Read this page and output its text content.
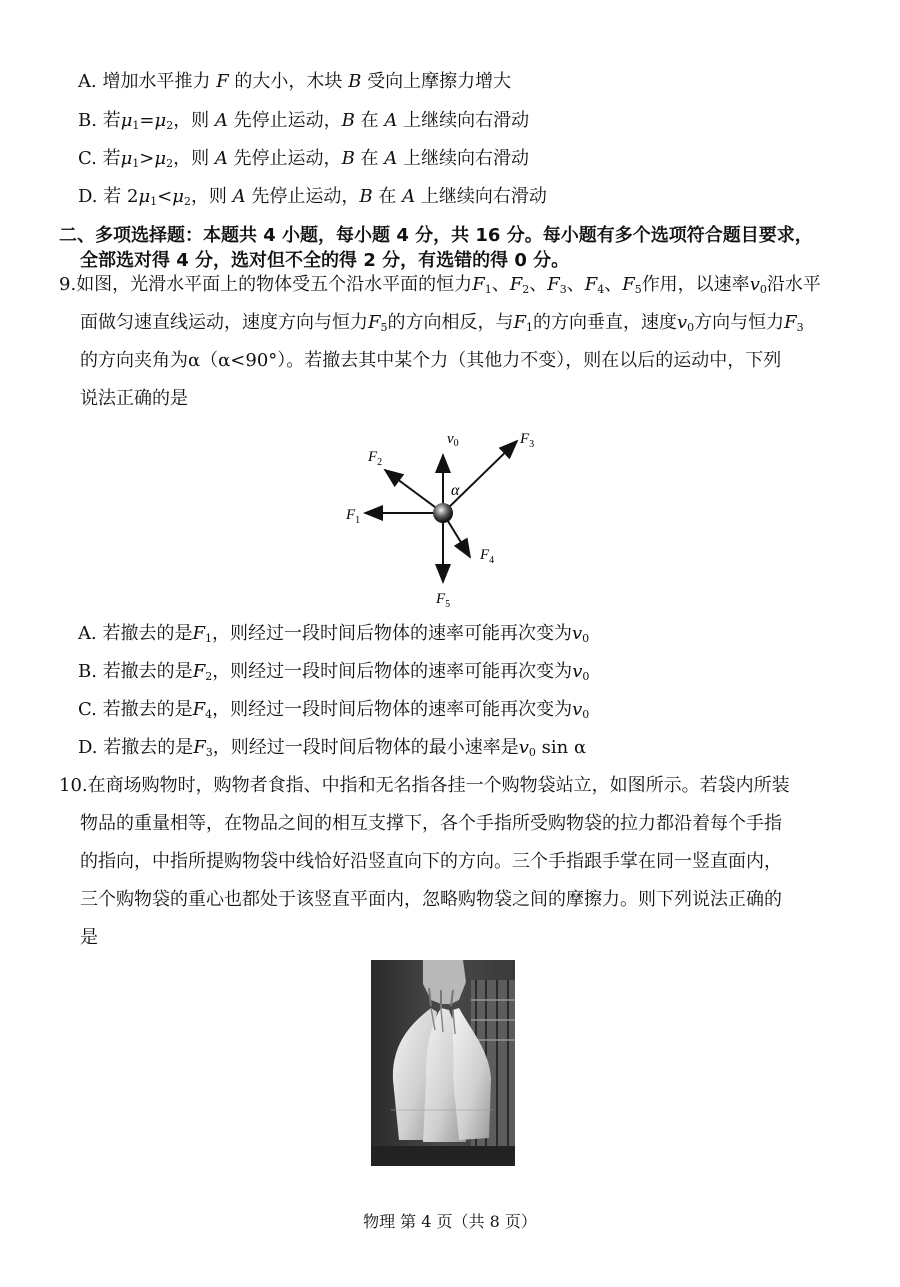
A. 增加水平推力 F 的大小，木块 B 受向上摩擦力增大
B. 若$\mu_1=\mu_2$，则 A 先停止运动，B 在 A 上继续向右滑动
C. 若$\mu_1>\mu_2$，则 A 先停止运动，B 在 A 上继续向右滑动
D. 若 $2\mu_1<\mu_2$，则 A 先停止运动，B 在 A 上继续向右滑动
二、多项选择题：本题共 4 小题，每小题 4 分，共 16 分。每小题有多个选项符合题目要求，
全部选对得 4 分，选对但不全的得 2 分，有选错的得 0 分。
9.如图，光滑水平面上的物体受五个沿水平面的恒力$F_1$、$F_2$、$F_3$、$F_4$、$F_5$作用，以速率$v_0$沿水平
面做匀速直线运动，速度方向与恒力$F_5$的方向相反，与$F_1$的方向垂直，速度$v_0$方向与恒力$F_3$
的方向夹角为α（α<90°）。若撤去其中某个力（其他力不变），则在以后的运动中，下列
说法正确的是
$v_0$	$F_3$
$F_2$
$F_1$
$F_4$
$F_5$
α
A. 若撤去的是$F_1$，则经过一段时间后物体的速率可能再次变为$v_0$
B. 若撤去的是$F_2$，则经过一段时间后物体的速率可能再次变为$v_0$
C. 若撤去的是$F_4$，则经过一段时间后物体的速率可能再次变为$v_0$
D. 若撤去的是$F_3$，则经过一段时间后物体的最小速率是$v_0$ sin α
10.在商场购物时，购物者食指、中指和无名指各挂一个购物袋站立，如图所示。若袋内所装
物品的重量相等，在物品之间的相互支撑下，各个手指所受购物袋的拉力都沿着每个手指
的指向，中指所提购物袋中线恰好沿竖直向下的方向。三个手指跟手掌在同一竖直面内，
三个购物袋的重心也都处于该竖直平面内，忽略购物袋之间的摩擦力。则下列说法正确的
是
物理 第 4 页（共 8 页）
